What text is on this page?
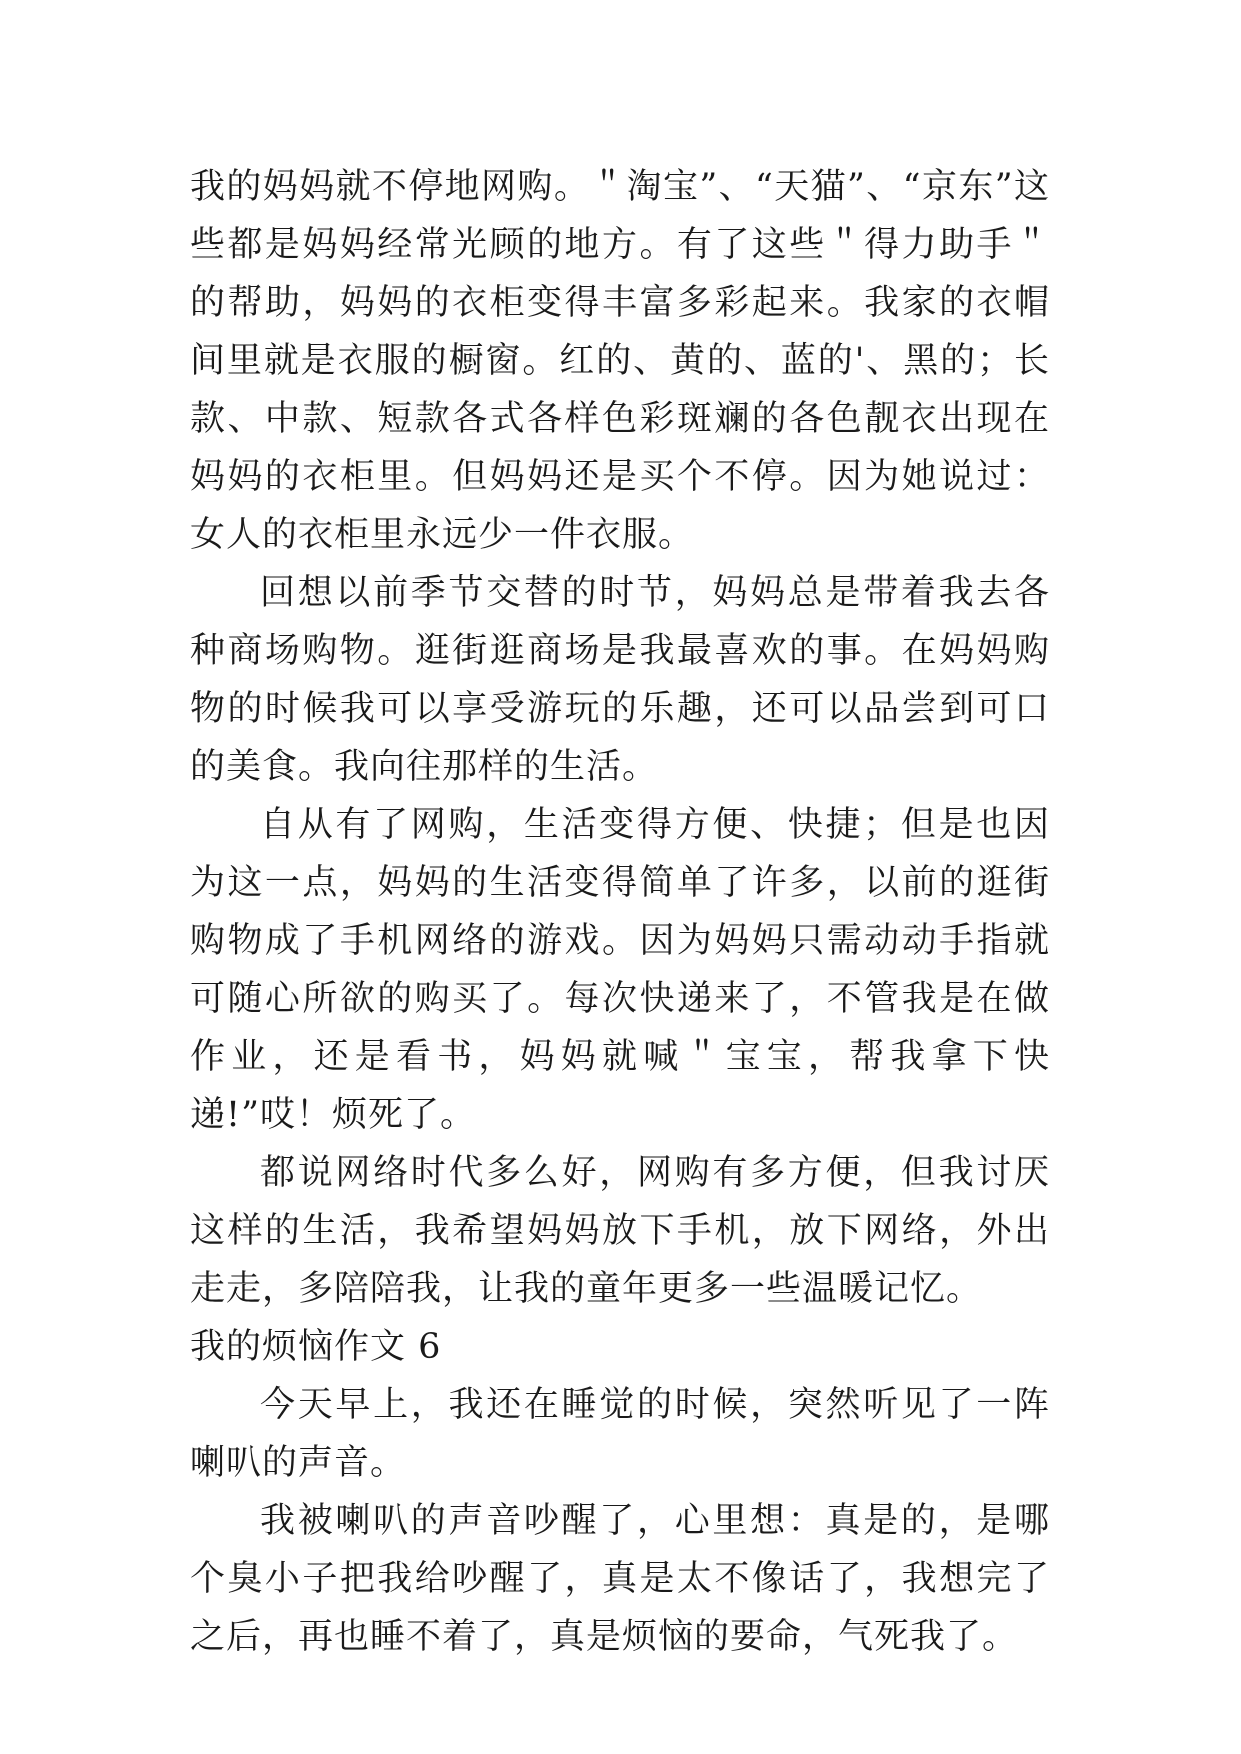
我的妈妈就不停地网购。＂淘宝”、“天猫”、“京东”这些都是妈妈经常光顾的地方。有了这些＂得力助手＂的帮助，妈妈的衣柜变得丰富多彩起来。我家的衣帽间里就是衣服的橱窗。红的、黄的、蓝的'、黑的；长款、中款、短款各式各样色彩斑斓的各色靓衣出现在妈妈的衣柜里。但妈妈还是买个不停。因为她说过：女人的衣柜里永远少一件衣服。

回想以前季节交替的时节，妈妈总是带着我去各种商场购物。逛街逛商场是我最喜欢的事。在妈妈购物的时候我可以享受游玩的乐趣，还可以品尝到可口的美食。我向往那样的生活。

自从有了网购，生活变得方便、快捷；但是也因为这一点，妈妈的生活变得简单了许多，以前的逛街购物成了手机网络的游戏。因为妈妈只需动动手指就可随心所欲的购买了。每次快递来了，不管我是在做作业，还是看书，妈妈就喊＂宝宝，帮我拿下快递!”哎！烦死了。

都说网络时代多么好，网购有多方便，但我讨厌这样的生活，我希望妈妈放下手机，放下网络，外出走走，多陪陪我，让我的童年更多一些温暖记忆。

我的烦恼作文 6

今天早上，我还在睡觉的时候，突然听见了一阵喇叭的声音。

我被喇叭的声音吵醒了，心里想：真是的，是哪个臭小子把我给吵醒了，真是太不像话了，我想完了之后，再也睡不着了，真是烦恼的要命，气死我了。
